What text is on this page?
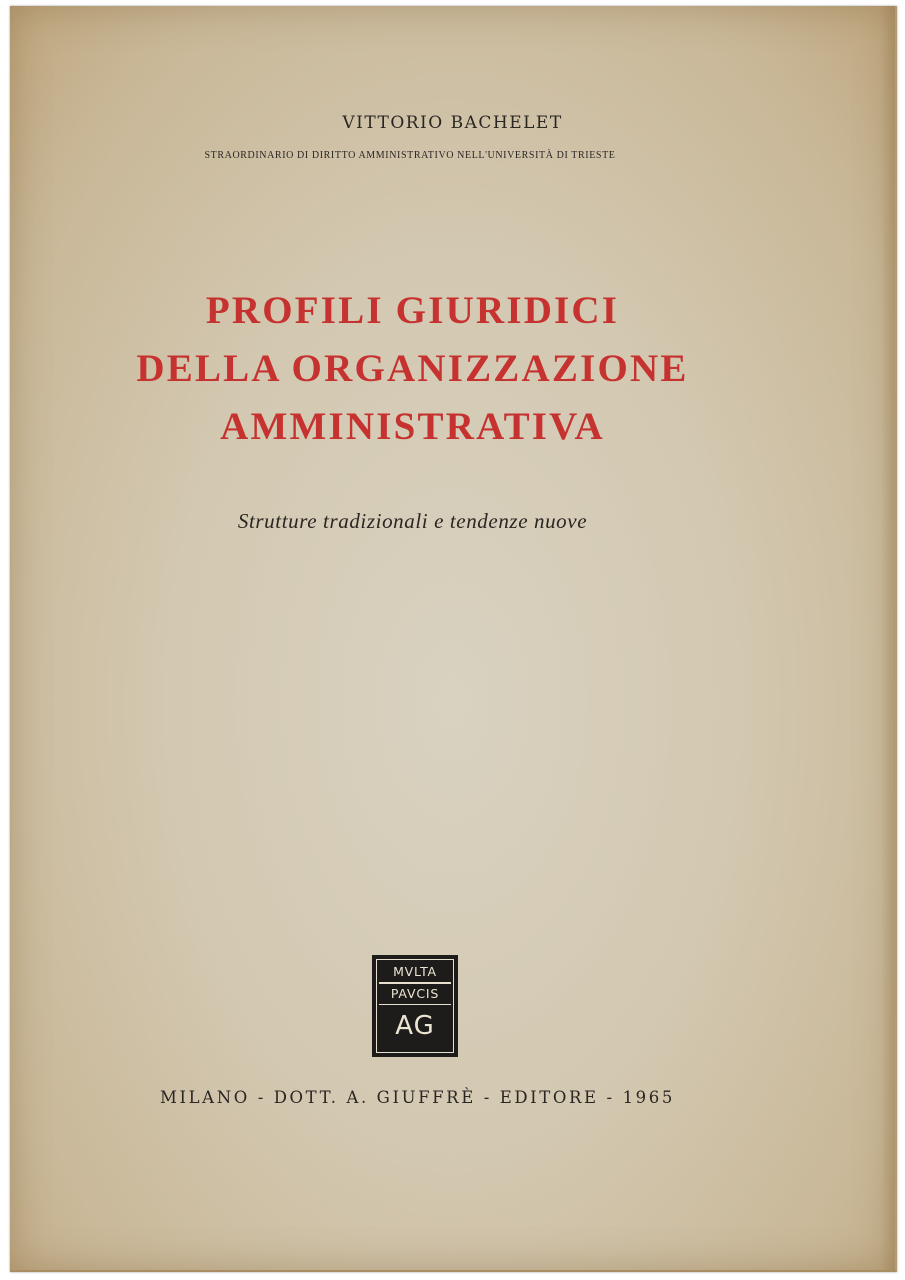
VITTORIO BACHELET
STRAORDINARIO DI DIRITTO AMMINISTRATIVO NELL'UNIVERSITÀ DI TRIESTE
PROFILI GIURIDICI
DELLA ORGANIZZAZIONE
AMMINISTRATIVA
Strutture tradizionali e tendenze nuove
MVLTA
PAVCIS
AG
MILANO - DOTT. A. GIUFFRÈ - EDITORE - 1965
